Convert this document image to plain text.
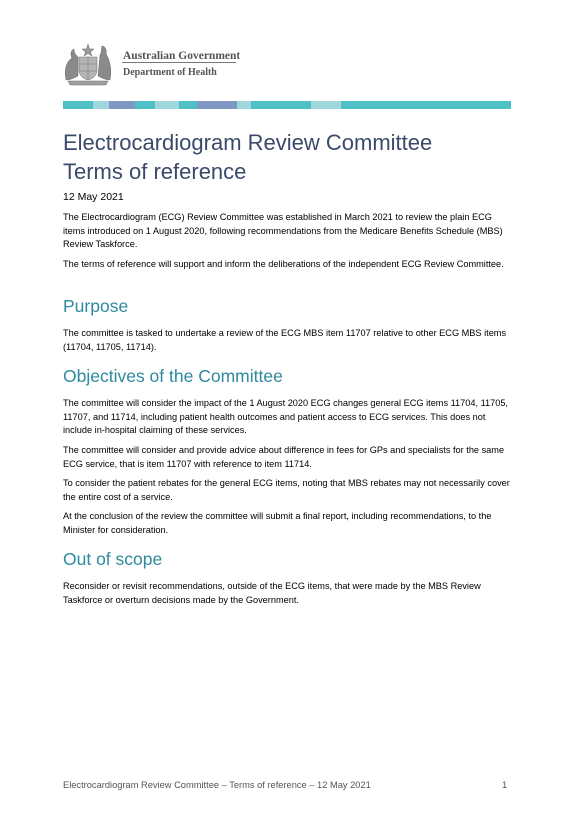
Australian Government
Department of Health
Electrocardiogram Review Committee
Terms of reference
12 May 2021
The Electrocardiogram (ECG) Review Committee was established in March 2021 to review the plain ECG items introduced on 1 August 2020, following recommendations from the Medicare Benefits Schedule (MBS) Review Taskforce.
The terms of reference will support and inform the deliberations of the independent ECG Review Committee.
Purpose
The committee is tasked to undertake a review of the ECG MBS item 11707 relative to other ECG MBS items (11704, 11705, 11714).
Objectives of the Committee
The committee will consider the impact of the 1 August 2020 ECG changes general ECG items 11704, 11705, 11707, and 11714, including patient health outcomes and patient access to ECG services. This does not include in-hospital claiming of these services.
The committee will consider and provide advice about difference in fees for GPs and specialists for the same ECG service, that is item 11707 with reference to item 11714.
To consider the patient rebates for the general ECG items, noting that MBS rebates may not necessarily cover the entire cost of a service.
At the conclusion of the review the committee will submit a final report, including recommendations, to the Minister for consideration.
Out of scope
Reconsider or revisit recommendations, outside of the ECG items, that were made by the MBS Review Taskforce or overturn decisions made by the Government.
Electrocardiogram Review Committee – Terms of reference – 12 May 2021	1
